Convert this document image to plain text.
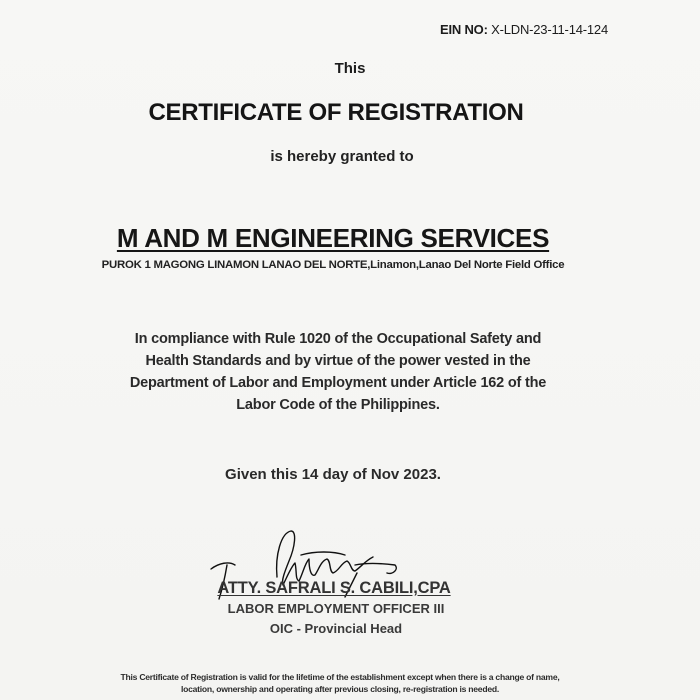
EIN NO: X-LDN-23-11-14-124
This
CERTIFICATE OF REGISTRATION
is hereby granted to
M AND M ENGINEERING SERVICES
PUROK 1 MAGONG LINAMON LANAO DEL NORTE,Linamon,Lanao Del Norte Field Office
In compliance with Rule 1020 of the Occupational Safety and
Health Standards and by virtue of the power vested in the
Department of Labor and Employment under Article 162 of the
Labor Code of the Philippines.
Given this 14 day of Nov 2023.
ATTY. SAFRALI S. CABILI,CPA
LABOR EMPLOYMENT OFFICER III
OIC - Provincial Head
This Certificate of Registration is valid for the lifetime of the establishment except when there is a change of name,
location, ownership and operating after previous closing, re-registration is needed.
